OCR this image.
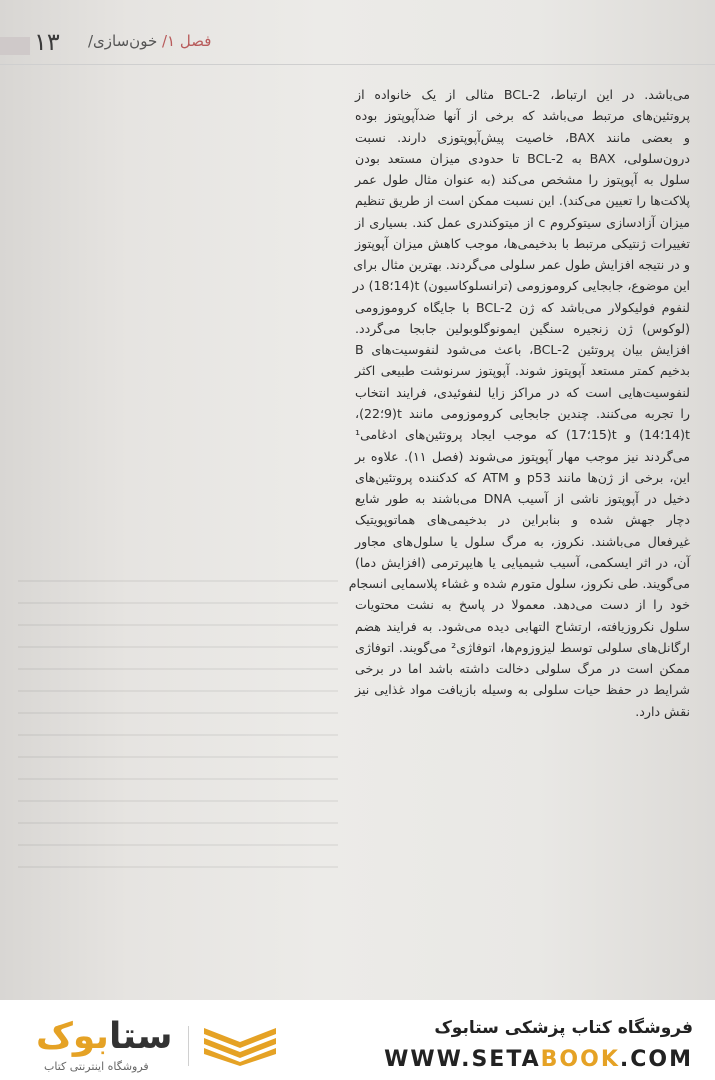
۱۳	فصل ۱/ خون‌سازی/
می‌باشد. در این ارتباط، BCL-2 مثالی از یک خانواده از
پروتئین‌های مرتبط می‌باشد که برخی از آنها ضدآپوپتوز بوده
و بعضی مانند BAX، خاصیت پیش‌آپوپتوزی دارند. نسبت
درون‌سلولی، BAX به BCL-2 تا حدودی میزان مستعد بودن
سلول به آپوپتوز را مشخص می‌کند (به عنوان مثال طول عمر
پلاکت‌ها را تعیین می‌کند). این نسبت ممکن است از طریق تنظیم
میزان آزادسازی سیتوکروم c از میتوکندری عمل کند. بسیاری از
تغییرات ژنتیکی مرتبط با بدخیمی‌ها، موجب کاهش میزان آپوپتوز
و در نتیجه افزایش طول عمر سلولی می‌گردند. بهترین مثال برای
این موضوع، جابجایی کروموزومی (ترانسلوکاسیون) t(14؛18) در
لنفوم فولیکولار می‌باشد که ژن BCL-2 با جایگاه کروموزومی
(لوکوس) ژن زنجیره سنگین ایمونوگلوبولین جابجا می‌گردد.
افزایش بیان پروتئین BCL-2، باعث می‌شود لنفوسیت‌های B
بدخیم کمتر مستعد آپوپتوز شوند. آپوپتوز سرنوشت طبیعی اکثر
لنفوسیت‌هایی است که در مراکز زایا لنفوئیدی، فرایند انتخاب
را تجربه می‌کنند. چندین جابجایی کروموزومی مانند t(9؛22)،
t(14؛14) و t(15؛17) که موجب ایجاد پروتئین‌های ادغامی¹
می‌گردند نیز موجب مهار آپوپتوز می‌شوند (فصل ۱۱). علاوه بر
این، برخی از ژن‌ها مانند p53 و ATM که کدکننده پروتئین‌های
دخیل در آپوپتوز ناشی از آسیب DNA می‌باشند به طور شایع
دچار جهش شده و بنابراین در بدخیمی‌های هماتوپویتیک
غیرفعال می‌باشند. نکروز، به مرگ سلول یا سلول‌های مجاور
آن، در اثر ایسکمی، آسیب شیمیایی یا هایپرترمی (افزایش دما)
می‌گویند. طی نکروز، سلول متورم شده و غشاء پلاسمایی انسجام
خود را از دست می‌دهد. معمولا در پاسخ به نشت محتویات
سلول نکروزیافته، ارتشاح التهابی دیده می‌شود. به فرایند هضم
ارگانل‌های سلولی توسط لیزوزوم‌ها، اتوفاژی² می‌گویند. اتوفاژی
ممکن است در مرگ سلولی دخالت داشته باشد اما در برخی
شرایط در حفظ حیات سلولی به وسیله بازیافت مواد غذایی نیز
نقش دارد.
ستابوک
فروشگاه اینترنتی کتاب
فروشگاه کتاب پزشکی ستابوک
WWW.SETABOOK.COM
